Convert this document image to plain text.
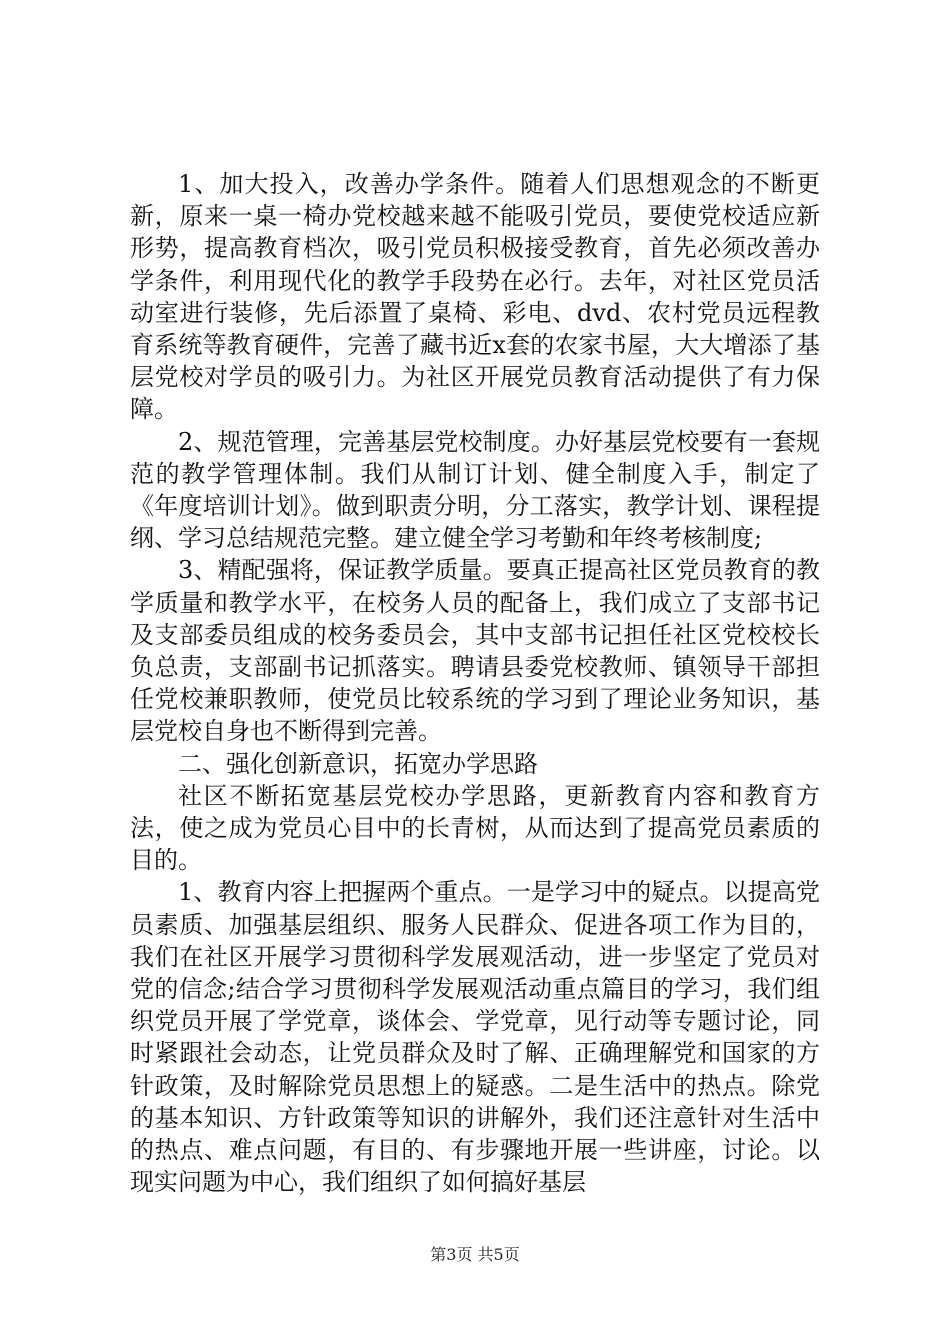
1、加大投入，改善办学条件。随着人们思想观念的不断更新，原来一桌一椅办党校越来越不能吸引党员，要使党校适应新形势，提高教育档次，吸引党员积极接受教育，首先必须改善办学条件，利用现代化的教学手段势在必行。去年，对社区党员活动室进行装修，先后添置了桌椅、彩电、dvd、农村党员远程教育系统等教育硬件，完善了藏书近x套的农家书屋，大大增添了基层党校对学员的吸引力。为社区开展党员教育活动提供了有力保障。

2、规范管理，完善基层党校制度。办好基层党校要有一套规范的教学管理体制。我们从制订计划、健全制度入手，制定了《年度培训计划》。做到职责分明，分工落实，教学计划、课程提纲、学习总结规范完整。建立健全学习考勤和年终考核制度;

3、精配强将，保证教学质量。要真正提高社区党员教育的教学质量和教学水平，在校务人员的配备上，我们成立了支部书记及支部委员组成的校务委员会，其中支部书记担任社区党校校长负总责，支部副书记抓落实。聘请县委党校教师、镇领导干部担任党校兼职教师，使党员比较系统的学习到了理论业务知识，基层党校自身也不断得到完善。

二、强化创新意识，拓宽办学思路

社区不断拓宽基层党校办学思路，更新教育内容和教育方法，使之成为党员心目中的长青树，从而达到了提高党员素质的目的。

1、教育内容上把握两个重点。一是学习中的疑点。以提高党员素质、加强基层组织、服务人民群众、促进各项工作为目的，我们在社区开展学习贯彻科学发展观活动，进一步坚定了党员对党的信念;结合学习贯彻科学发展观活动重点篇目的学习，我们组织党员开展了学党章，谈体会、学党章，见行动等专题讨论，同时紧跟社会动态，让党员群众及时了解、正确理解党和国家的方针政策，及时解除党员思想上的疑惑。二是生活中的热点。除党的基本知识、方针政策等知识的讲解外，我们还注意针对生活中的热点、难点问题，有目的、有步骤地开展一些讲座，讨论。以现实问题为中心，我们组织了如何搞好基层

第3页 共5页
